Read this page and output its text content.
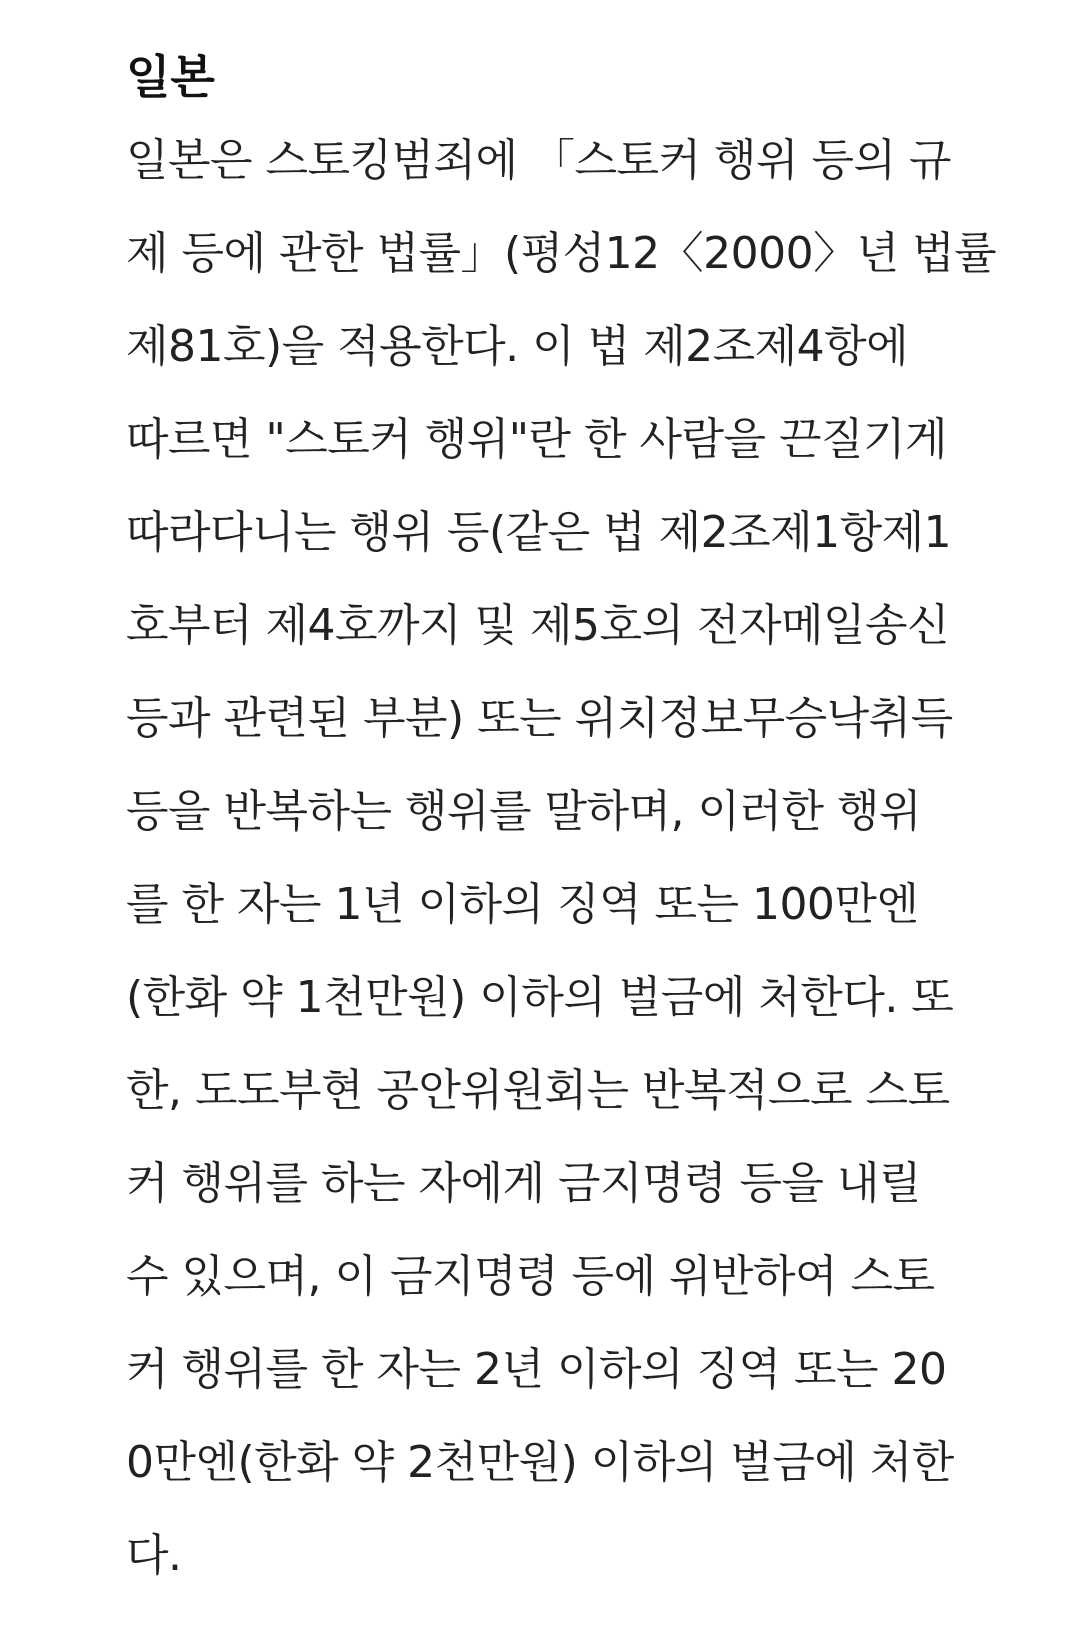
일본
일본은 스토킹범죄에 「스토커 행위 등의 규
제 등에 관한 법률」(평성12〈2000〉년 법률
제81호)을 적용한다. 이 법 제2조제4항에
따르면 "스토커 행위"란 한 사람을 끈질기게
따라다니는 행위 등(같은 법 제2조제1항제1
호부터 제4호까지 및 제5호의 전자메일송신
등과 관련된 부분) 또는 위치정보무승낙취득
등을 반복하는 행위를 말하며, 이러한 행위
를 한 자는 1년 이하의 징역 또는 100만엔
(한화 약 1천만원) 이하의 벌금에 처한다. 또
한, 도도부현 공안위원회는 반복적으로 스토
커 행위를 하는 자에게 금지명령 등을 내릴
수 있으며, 이 금지명령 등에 위반하여 스토
커 행위를 한 자는 2년 이하의 징역 또는 20
0만엔(한화 약 2천만원) 이하의 벌금에 처한
다.
